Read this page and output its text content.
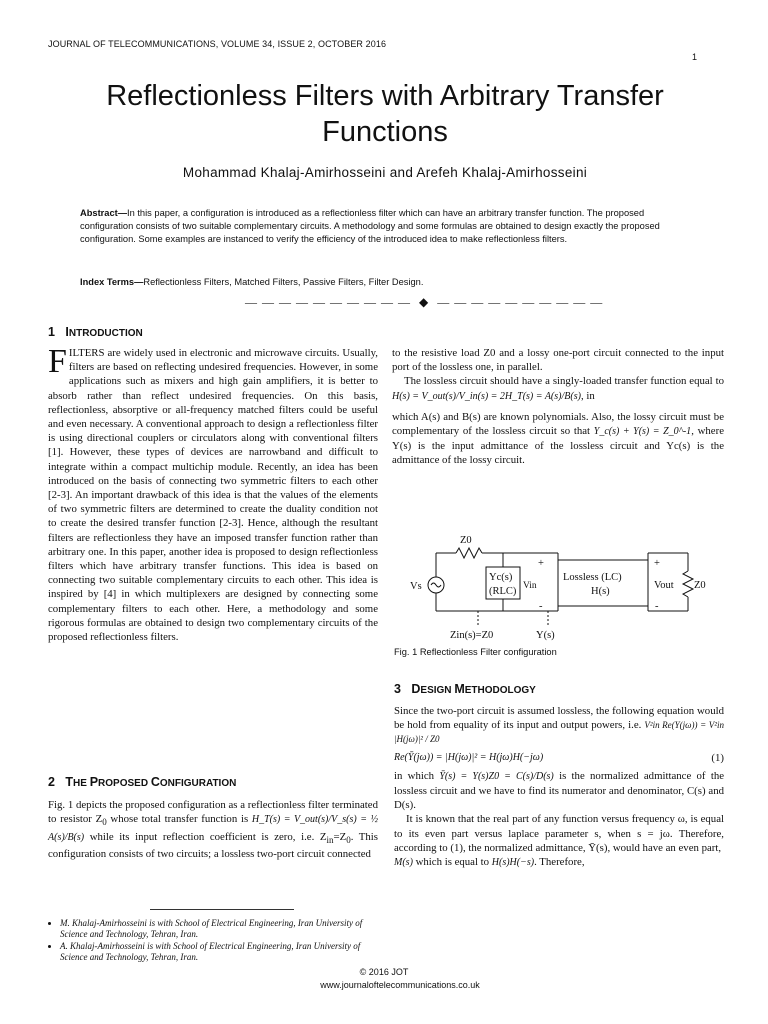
JOURNAL OF TELECOMMUNICATIONS, VOLUME 34, ISSUE 2, OCTOBER 2016
1
Reflectionless Filters with Arbitrary Transfer Functions
Mohammad Khalaj-Amirhosseini and Arefeh Khalaj-Amirhosseini
Abstract—In this paper, a configuration is introduced as a reflectionless filter which can have an arbitrary transfer function. The proposed configuration consists of two suitable complementary circuits. A methodology and some formulas are obtained to design exactly the proposed configuration. Some examples are instanced to verify the efficiency of the introduced idea to make reflectionless filters.
Index Terms—Reflectionless Filters, Matched Filters, Passive Filters, Filter Design.
— — — — — — — — — —  ◆  — — — — — — — — — —
1 INTRODUCTION
2 THE PROPOSED CONFIGURATION
3 DESIGN METHODOLOGY

FILTERS are widely used in electronic and microwave circuits. Usually, filters are based on reflecting undesired frequencies. However, in some applications such as mixers and high gain amplifiers, it is better to absorb rather than reflect undesired frequencies. On this basis, reflectionless, absorptive or all-frequency matched filters could be useful and even necessary. A conventional approach to design a reflectionless filter is using directional couplers or circulators along with conventional filters [1]. However, these types of devices are narrowband and difficult to integrate within a compact multichip module. Recently, an idea has been introduced on the basis of connecting two symmetric filters to each other [2-3]. An important drawback of this idea is that the values of the elements of two symmetric filters are determined to create the duality condition not to create the desired transfer function [2-3]. Hence, although the resultant filters are reflectionless they have an imposed transfer function rather than arbitrary one. In this paper, another idea is proposed to design reflectionless filters which have arbitrary transfer functions. This idea is based on connecting two suitable complementary circuits to each other. This idea is inspired by [4] in which multiplexers are designed by connecting some complementary filters to each other. Here, a methodology and some rigorous formulas are obtained to design two complementary circuits of the proposed reflectionless filters.

Fig. 1 depicts the proposed configuration as a reflectionless filter terminated to resistor $Z_0$ whose total transfer function is H_T(s) = V_out(s)/V_s(s) = ½ A(s)/B(s) while its input reflection coefficient is zero, i.e. $Z_{in}=Z_0$. This configuration consists of two circuits; a lossless two-port circuit connected

to the resistive load Z0 and a lossy one-port circuit connected to the input port of the lossless one, in parallel.

The lossless circuit should have a singly-loaded transfer function equal to H(s) = V_out(s)/V_in(s) = 2H_T(s) = A(s)/B(s), in

which A(s) and B(s) are known polynomials. Also, the lossy circuit must be complementary of the lossless circuit so that Y_c(s) + Y(s) = Z_0^-1, where Y(s) is the input admittance of the lossless circuit and Yc(s) is the admittance of the lossy circuit.

Z0
Vs
Yc(s)
(RLC) Vin
Lossless (LC)
H(s)
Vout Z0
Zin(s)=Z0	Y(s)
+
-
+
-
Fig. 1 Reflectionless Filter configuration

Since the two-port circuit is assumed lossless, the following equation would be hold from equality of its input and output powers, i.e. V²in Re(Y(jω)) = V²in |H(jω)|² / Z0

Re(Ȳ(jω)) = |H(jω)|² = H(jω)H(−jω)	(1)

in which Ȳ(s) = Y(s)Z0 = C(s)/D(s) is the normalized admittance of the lossless circuit and we have to find its numerator and denominator, C(s) and D(s).

It is known that the real part of any function versus frequency ω, is equal to its even part versus laplace parameter s, when s = jω. Therefore, according to (1), the normalized admittance, Ȳ(s), would have an even part,

M(s) which is equal to H(s)H(−s). Therefore,

• M. Khalaj-Amirhosseini is with School of Electrical Engineering, Iran University of Science and Technology, Tehran, Iran.
• A. Khalaj-Amirhosseini is with School of Electrical Engineering, Iran University of Science and Technology, Tehran, Iran.
© 2016 JOT
www.journaloftelecommunications.co.uk
